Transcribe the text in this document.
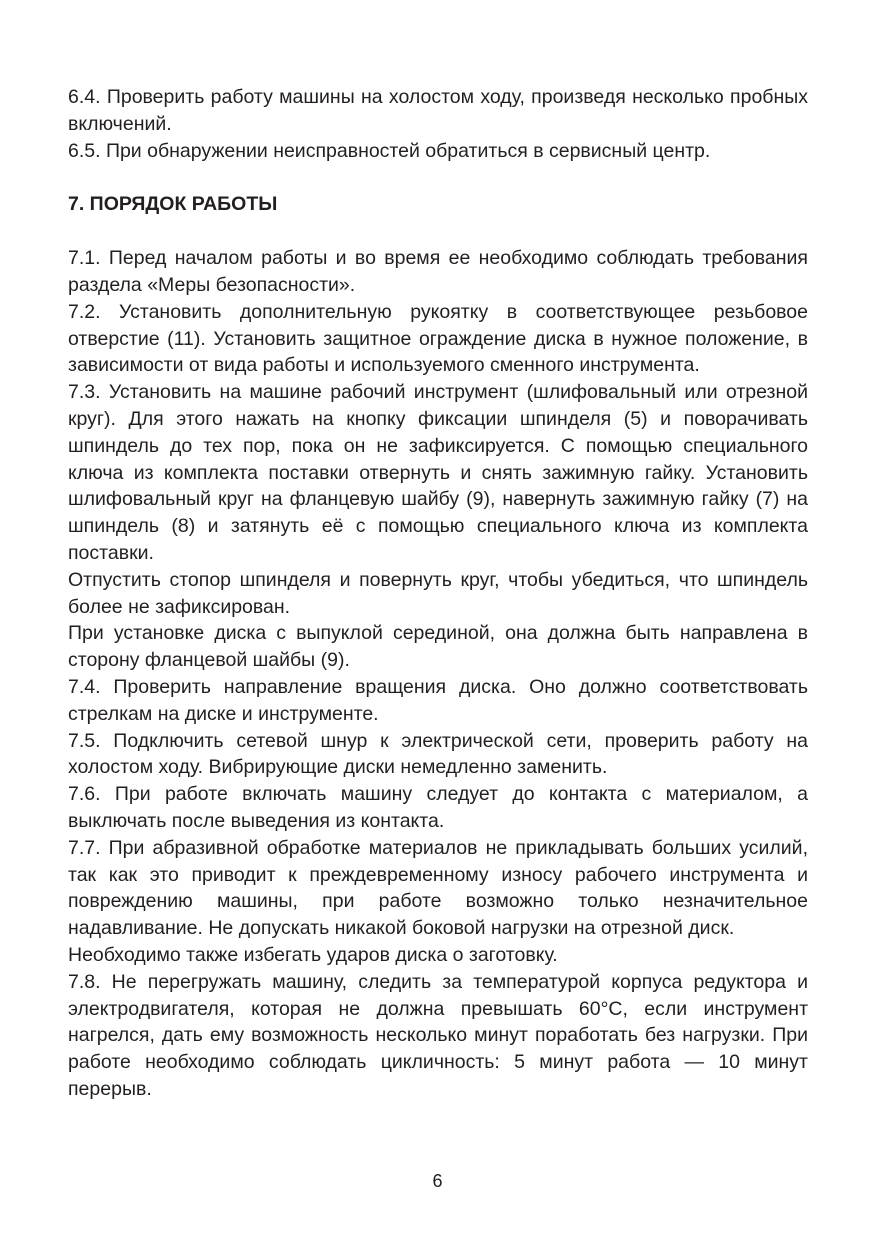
6.4. Проверить работу машины на холостом ходу, произведя несколько пробных включений.

6.5. При обнаружении неисправностей обратиться в сервисный центр.

7. ПОРЯДОК РАБОТЫ

7.1. Перед началом работы и во время ее необходимо соблюдать требования раздела «Меры безопасности».

7.2. Установить дополнительную рукоятку в соответствующее резьбовое отверстие (11). Установить защитное ограждение диска в нужное положение, в зависимости от вида работы и используемого сменного инструмента.

7.3. Установить на машине рабочий инструмент (шлифовальный или отрезной круг). Для этого нажать на кнопку фиксации шпинделя (5) и поворачивать шпиндель до тех пор, пока он не зафиксируется. С помощью специального ключа из комплекта поставки отвернуть и снять зажимную гайку. Установить шлифовальный круг на фланцевую шайбу (9), навернуть зажимную гайку (7) на шпиндель (8) и затянуть её с помощью специального ключа из комплекта поставки.

Отпустить стопор шпинделя и повернуть круг, чтобы убедиться, что шпиндель более не зафиксирован.

При установке диска с выпуклой серединой, она должна быть направлена в сторону фланцевой шайбы (9).

7.4. Проверить направление вращения диска. Оно должно соответствовать стрелкам на диске и инструменте.

7.5. Подключить сетевой шнур к электрической сети, проверить работу на холостом ходу. Вибрирующие диски немедленно заменить.

7.6. При работе включать машину следует до контакта с материалом, а выключать после выведения из контакта.

7.7. При абразивной обработке материалов не прикладывать больших усилий, так как это приводит к преждевременному износу рабочего инструмента и повреждению машины, при работе возможно только незначительное надавливание. Не допускать никакой боковой нагрузки на отрезной диск.

Необходимо также избегать ударов диска о заготовку.

7.8. Не перегружать машину, следить за температурой корпуса редуктора и электродвигателя, которая не должна превышать 60°С, если инструмент нагрелся, дать ему возможность несколько минут поработать без нагрузки. При работе необходимо соблюдать цикличность: 5 минут работа — 10 минут перерыв.

6
